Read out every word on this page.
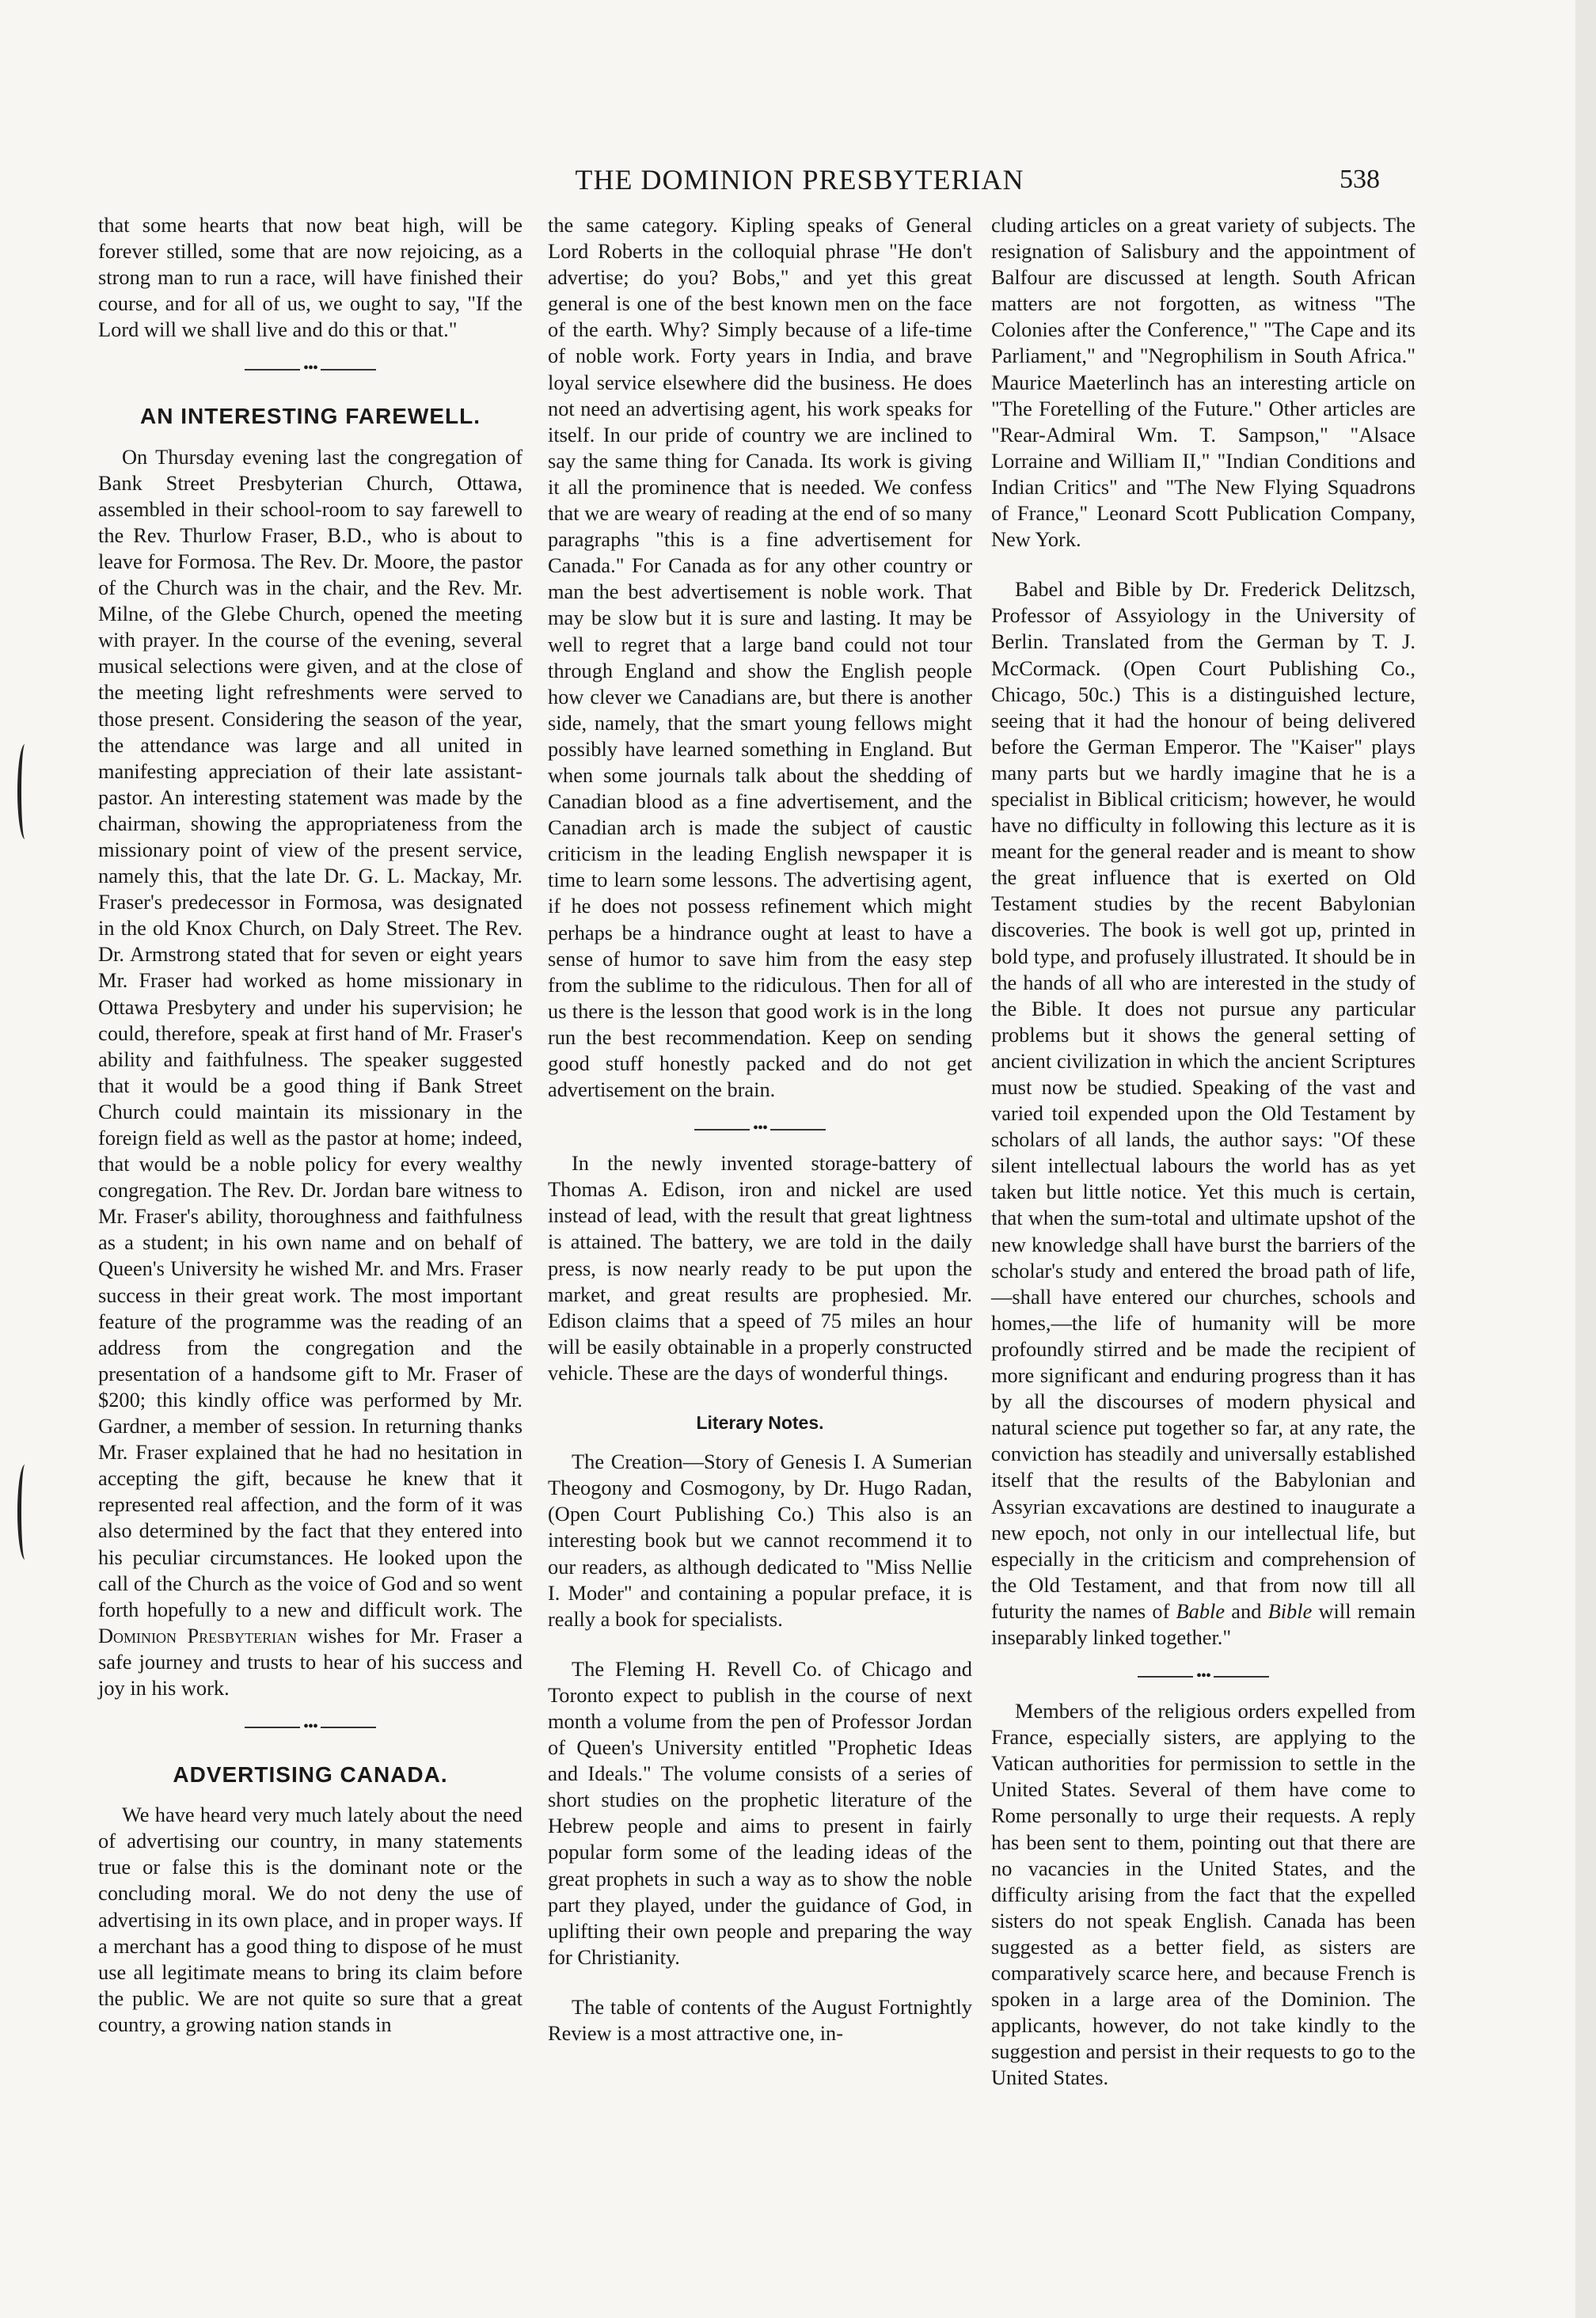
THE DOMINION PRESBYTERIAN	538

that some hearts that now beat high, will be forever stilled, some that are now rejoicing, as a strong man to run a race, will have finished their course, and for all of us, we ought to say, "If the Lord will we shall live and do this or that."

•••
AN INTERESTING FAREWELL.

On Thursday evening last the congregation of Bank Street Presbyterian Church, Ottawa, assembled in their school-room to say farewell to the Rev. Thurlow Fraser, B.D., who is about to leave for Formosa. The Rev. Dr. Moore, the pastor of the Church was in the chair, and the Rev. Mr. Milne, of the Glebe Church, opened the meeting with prayer. In the course of the evening, several musical selections were given, and at the close of the meeting light refreshments were served to those present. Considering the season of the year, the attendance was large and all united in manifesting appreciation of their late assistant-pastor. An interesting statement was made by the chairman, showing the appropriateness from the missionary point of view of the present service, namely this, that the late Dr. G. L. Mackay, Mr. Fraser's predecessor in Formosa, was designated in the old Knox Church, on Daly Street. The Rev. Dr. Armstrong stated that for seven or eight years Mr. Fraser had worked as home missionary in Ottawa Presbytery and under his supervision; he could, therefore, speak at first hand of Mr. Fraser's ability and faithfulness. The speaker suggested that it would be a good thing if Bank Street Church could maintain its missionary in the foreign field as well as the pastor at home; indeed, that would be a noble policy for every wealthy congregation. The Rev. Dr. Jordan bare witness to Mr. Fraser's ability, thoroughness and faithfulness as a student; in his own name and on behalf of Queen's University he wished Mr. and Mrs. Fraser success in their great work. The most important feature of the programme was the reading of an address from the congregation and the presentation of a handsome gift to Mr. Fraser of $200; this kindly office was performed by Mr. Gardner, a member of session. In returning thanks Mr. Fraser explained that he had no hesitation in accepting the gift, because he knew that it represented real affection, and the form of it was also determined by the fact that they entered into his peculiar circumstances. He looked upon the call of the Church as the voice of God and so went forth hopefully to a new and difficult work. The Dominion Presbyterian wishes for Mr. Fraser a safe journey and trusts to hear of his success and joy in his work.

•••
ADVERTISING CANADA.

We have heard very much lately about the need of advertising our country, in many statements true or false this is the dominant note or the concluding moral. We do not deny the use of advertising in its own place, and in proper ways. If a merchant has a good thing to dispose of he must use all legitimate means to bring its claim before the public. We are not quite so sure that a great country, a growing nation stands in

the same category. Kipling speaks of General Lord Roberts in the colloquial phrase "He don't advertise; do you? Bobs," and yet this great general is one of the best known men on the face of the earth. Why? Simply because of a life-time of noble work. Forty years in India, and brave loyal service elsewhere did the business. He does not need an advertising agent, his work speaks for itself. In our pride of country we are inclined to say the same thing for Canada. Its work is giving it all the prominence that is needed. We confess that we are weary of reading at the end of so many paragraphs "this is a fine advertisement for Canada." For Canada as for any other country or man the best advertisement is noble work. That may be slow but it is sure and lasting. It may be well to regret that a large band could not tour through England and show the English people how clever we Canadians are, but there is another side, namely, that the smart young fellows might possibly have learned something in England. But when some journals talk about the shedding of Canadian blood as a fine advertisement, and the Canadian arch is made the subject of caustic criticism in the leading English newspaper it is time to learn some lessons. The advertising agent, if he does not possess refinement which might perhaps be a hindrance ought at least to have a sense of humor to save him from the easy step from the sublime to the ridiculous. Then for all of us there is the lesson that good work is in the long run the best recommendation. Keep on sending good stuff honestly packed and do not get advertisement on the brain.

•••

In the newly invented storage-battery of Thomas A. Edison, iron and nickel are used instead of lead, with the result that great lightness is attained. The battery, we are told in the daily press, is now nearly ready to be put upon the market, and great results are prophesied. Mr. Edison claims that a speed of 75 miles an hour will be easily obtainable in a properly constructed vehicle. These are the days of wonderful things.

Literary Notes.

The Creation—Story of Genesis I. A Sumerian Theogony and Cosmogony, by Dr. Hugo Radan, (Open Court Publishing Co.) This also is an interesting book but we cannot recommend it to our readers, as although dedicated to "Miss Nellie I. Moder" and containing a popular preface, it is really a book for specialists.

The Fleming H. Revell Co. of Chicago and Toronto expect to publish in the course of next month a volume from the pen of Professor Jordan of Queen's University entitled "Prophetic Ideas and Ideals." The volume consists of a series of short studies on the prophetic literature of the Hebrew people and aims to present in fairly popular form some of the leading ideas of the great prophets in such a way as to show the noble part they played, under the guidance of God, in uplifting their own people and preparing the way for Christianity.

The table of contents of the August Fortnightly Review is a most attractive one, in-

cluding articles on a great variety of subjects. The resignation of Salisbury and the appointment of Balfour are discussed at length. South African matters are not forgotten, as witness "The Colonies after the Conference," "The Cape and its Parliament," and "Negrophilism in South Africa." Maurice Maeterlinch has an interesting article on "The Foretelling of the Future." Other articles are "Rear-Admiral Wm. T. Sampson," "Alsace Lorraine and William II," "Indian Conditions and Indian Critics" and "The New Flying Squadrons of France," Leonard Scott Publication Company, New York.

Babel and Bible by Dr. Frederick Delitzsch, Professor of Assyiology in the University of Berlin. Translated from the German by T. J. McCormack. (Open Court Publishing Co., Chicago, 50c.) This is a distinguished lecture, seeing that it had the honour of being delivered before the German Emperor. The "Kaiser" plays many parts but we hardly imagine that he is a specialist in Biblical criticism; however, he would have no difficulty in following this lecture as it is meant for the general reader and is meant to show the great influence that is exerted on Old Testament studies by the recent Babylonian discoveries. The book is well got up, printed in bold type, and profusely illustrated. It should be in the hands of all who are interested in the study of the Bible. It does not pursue any particular problems but it shows the general setting of ancient civilization in which the ancient Scriptures must now be studied. Speaking of the vast and varied toil expended upon the Old Testament by scholars of all lands, the author says: "Of these silent intellectual labours the world has as yet taken but little notice. Yet this much is certain, that when the sum-total and ultimate upshot of the new knowledge shall have burst the barriers of the scholar's study and entered the broad path of life,—shall have entered our churches, schools and homes,—the life of humanity will be more profoundly stirred and be made the recipient of more significant and enduring progress than it has by all the discourses of modern physical and natural science put together so far, at any rate, the conviction has steadily and universally established itself that the results of the Babylonian and Assyrian excavations are destined to inaugurate a new epoch, not only in our intellectual life, but especially in the criticism and comprehension of the Old Testament, and that from now till all futurity the names of Bable and Bible will remain inseparably linked together."

•••

Members of the religious orders expelled from France, especially sisters, are applying to the Vatican authorities for permission to settle in the United States. Several of them have come to Rome personally to urge their requests. A reply has been sent to them, pointing out that there are no vacancies in the United States, and the difficulty arising from the fact that the expelled sisters do not speak English. Canada has been suggested as a better field, as sisters are comparatively scarce here, and because French is spoken in a large area of the Dominion. The applicants, however, do not take kindly to the suggestion and persist in their requests to go to the United States.
